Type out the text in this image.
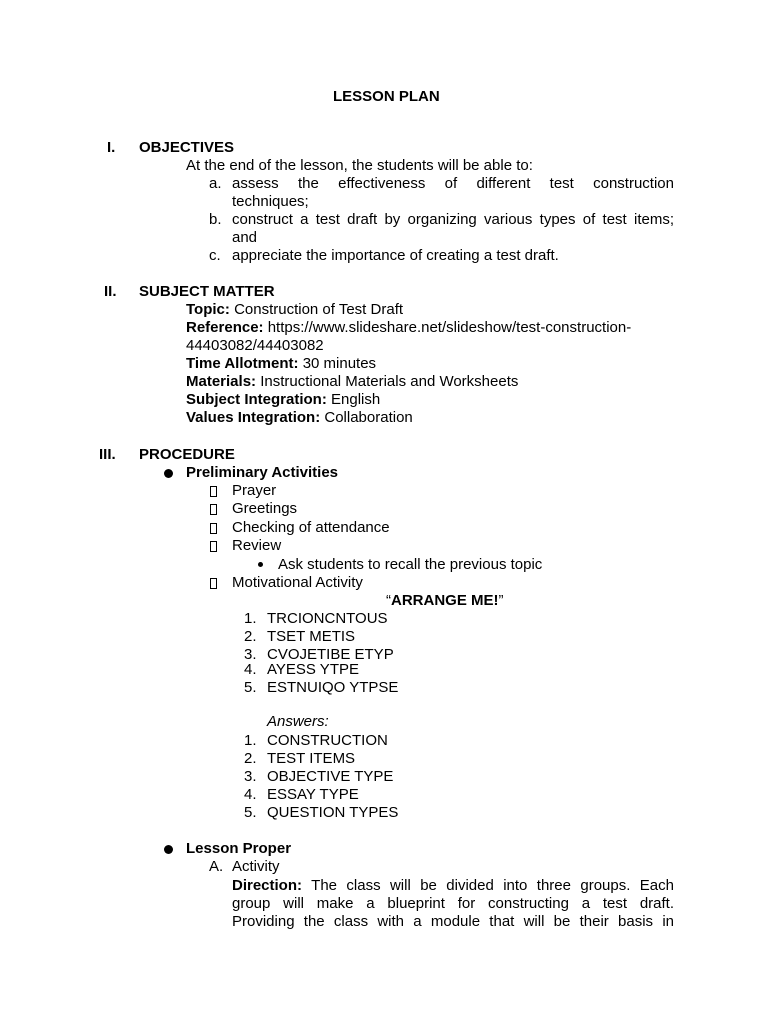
LESSON PLAN
I. OBJECTIVES
At the end of the lesson, the students will be able to:
a. assess the effectiveness of different test construction
techniques;
b. construct a test draft by organizing various types of test items;
and
c. appreciate the importance of creating a test draft.
II. SUBJECT MATTER
Topic: Construction of Test Draft
Reference: https://www.slideshare.net/slideshow/test-construction-
44403082/44403082
Time Allotment: 30 minutes
Materials: Instructional Materials and Worksheets
Subject Integration: English
Values Integration: Collaboration
III. PROCEDURE
Preliminary Activities
Prayer
Greetings
Checking of attendance
Review
Ask students to recall the previous topic
Motivational Activity
“ARRANGE ME!”
1. TRCIONCNTOUS
2. TSET METIS
3. CVOJETIBE ETYP
4. AYESS YTPE
5. ESTNUIQO YTPSE
Answers:
1. CONSTRUCTION
2. TEST ITEMS
3. OBJECTIVE TYPE
4. ESSAY TYPE
5. QUESTION TYPES
Lesson Proper
A. Activity
Direction: The class will be divided into three groups. Each
group will make a blueprint for constructing a test draft.
Providing the class with a module that will be their basis in
